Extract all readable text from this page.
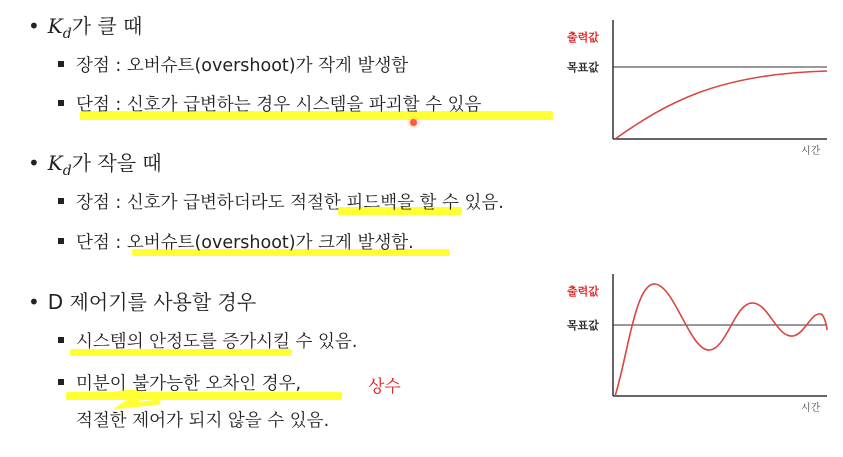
• $K_d$가 클 때
장점 : 오버슈트(overshoot)가 작게 발생함
단점 : 신호가 급변하는 경우 시스템을 파괴할 수 있음
• $K_d$가 작을 때
장점 : 신호가 급변하더라도 적절한 피드백을 할 수 있음.
단점 : 오버슈트(overshoot)가 크게 발생함.
• D 제어기를 사용할 경우
시스템의 안정도를 증가시킬 수 있음.
미분이 불가능한 오차인 경우,	상수
적절한 제어가 되지 않을 수 있음.
출력값
목표값
시간
출력값
목표값
시간
